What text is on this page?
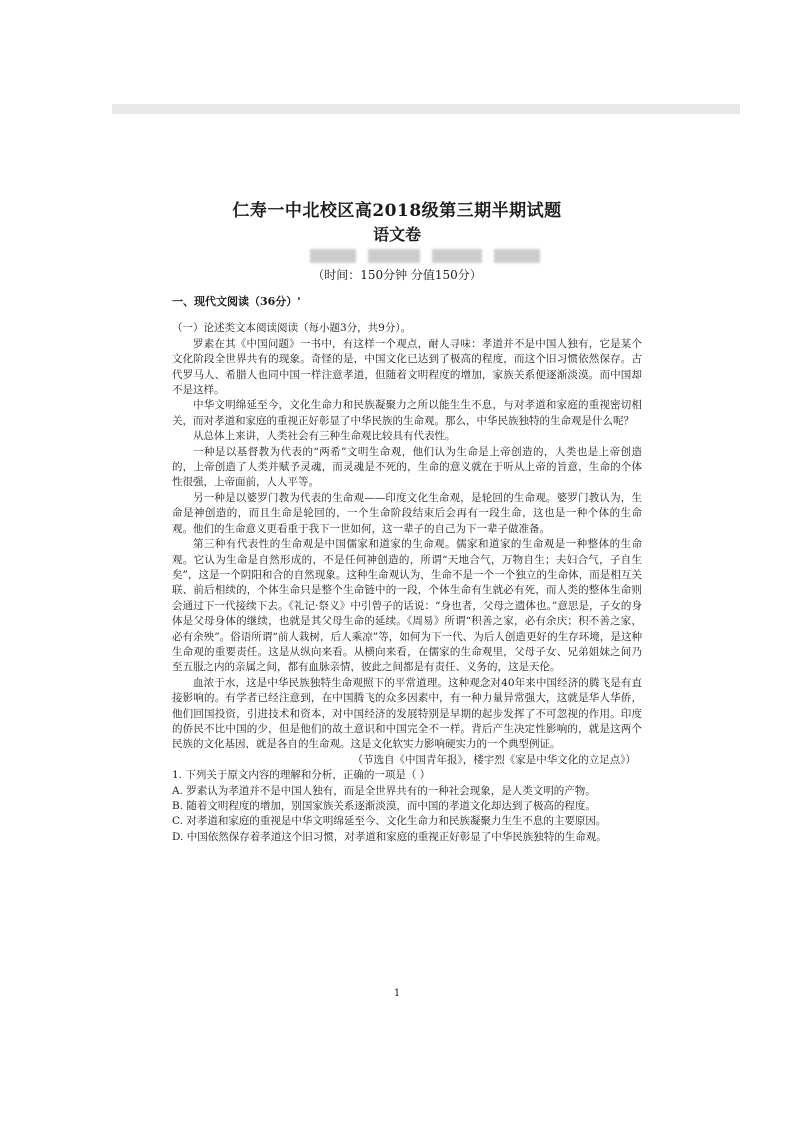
仁寿一中北校区高2018级第三期半期试题
语文卷
（时间：150分钟 分值150分）

一、现代文阅读（36分）'

（一）论述类文本阅读阅读（每小题3分，共9分）。

罗素在其《中国问题》一书中，有这样一个观点，耐人寻味：孝道并不是中国人独有，它是某个文化阶段全世界共有的现象。奇怪的是，中国文化已达到了极高的程度，而这个旧习惯依然保存。古代罗马人、希腊人也同中国一样注意孝道，但随着文明程度的增加，家族关系便逐渐淡漠。而中国却不是这样。

中华文明绵延至今，文化生命力和民族凝聚力之所以能生生不息，与对孝道和家庭的重视密切相关，而对孝道和家庭的重视正好彰显了中华民族的生命观。那么，中华民族独特的生命观是什么呢？

从总体上来讲，人类社会有三种生命观比较具有代表性。

一种是以基督教为代表的“两希”文明生命观，他们认为生命是上帝创造的，人类也是上帝创造的，上帝创造了人类并赋予灵魂，而灵魂是不死的，生命的意义就在于听从上帝的旨意，生命的个体性很强，上帝面前，人人平等。

另一种是以婆罗门教为代表的生命观——印度文化生命观，是轮回的生命观。婆罗门教认为，生命是神创造的，而且生命是轮回的，一个生命阶段结束后会再有一段生命，这也是一种个体的生命观。他们的生命意义更看重于我下一世如何，这一辈子的自己为下一辈子做准备。

第三种有代表性的生命观是中国儒家和道家的生命观。儒家和道家的生命观是一种整体的生命观。它认为生命是自然形成的，不是任何神创造的，所谓“天地合气，万物自生；夫妇合气，子自生矣”，这是一个阴阳和合的自然现象。这种生命观认为，生命不是一个一个独立的生命体，而是相互关联、前后相续的，个体生命只是整个生命链中的一段，个体生命有生就必有死，而人类的整体生命则会通过下一代接续下去。《礼记·祭义》中引曾子的话说：“身也者，父母之遗体也。”意思是，子女的身体是父母身体的继续，也就是其父母生命的延续。《周易》所谓“积善之家，必有余庆；积不善之家，必有余殃”。俗语所谓“前人栽树，后人乘凉”等，如何为下一代、为后人创造更好的生存环境，是这种生命观的重要责任。这是从纵向来看。从横向来看，在儒家的生命观里，父母子女、兄弟姐妹之间乃至五服之内的亲属之间，都有血脉亲情，彼此之间都是有责任、义务的，这是天伦。

血浓于水，这是中华民族独特生命观照下的平常道理。这种观念对40年来中国经济的腾飞是有直接影响的。有学者已经注意到，在中国腾飞的众多因素中，有一种力量异常强大，这就是华人华侨，他们回国投资，引进技术和资本，对中国经济的发展特别是早期的起步发挥了不可忽视的作用。印度的侨民不比中国的少，但是他们的故土意识和中国完全不一样。背后产生决定性影响的，就是这两个民族的文化基因，就是各自的生命观。这是文化软实力影响硬实力的一个典型例证。

（节选自《中国青年报》，楼宇烈《家是中华文化的立足点》）

1. 下列关于原文内容的理解和分析，正确的一项是（ ）

A. 罗素认为孝道并不是中国人独有，而是全世界共有的一种社会现象，是人类文明的产物。

B. 随着文明程度的增加，别国家族关系逐渐淡漠，而中国的孝道文化却达到了极高的程度。

C. 对孝道和家庭的重视是中华文明绵延至今、文化生命力和民族凝聚力生生不息的主要原因。

D. 中国依然保存着孝道这个旧习惯，对孝道和家庭的重视正好彰显了中华民族独特的生命观。

1
